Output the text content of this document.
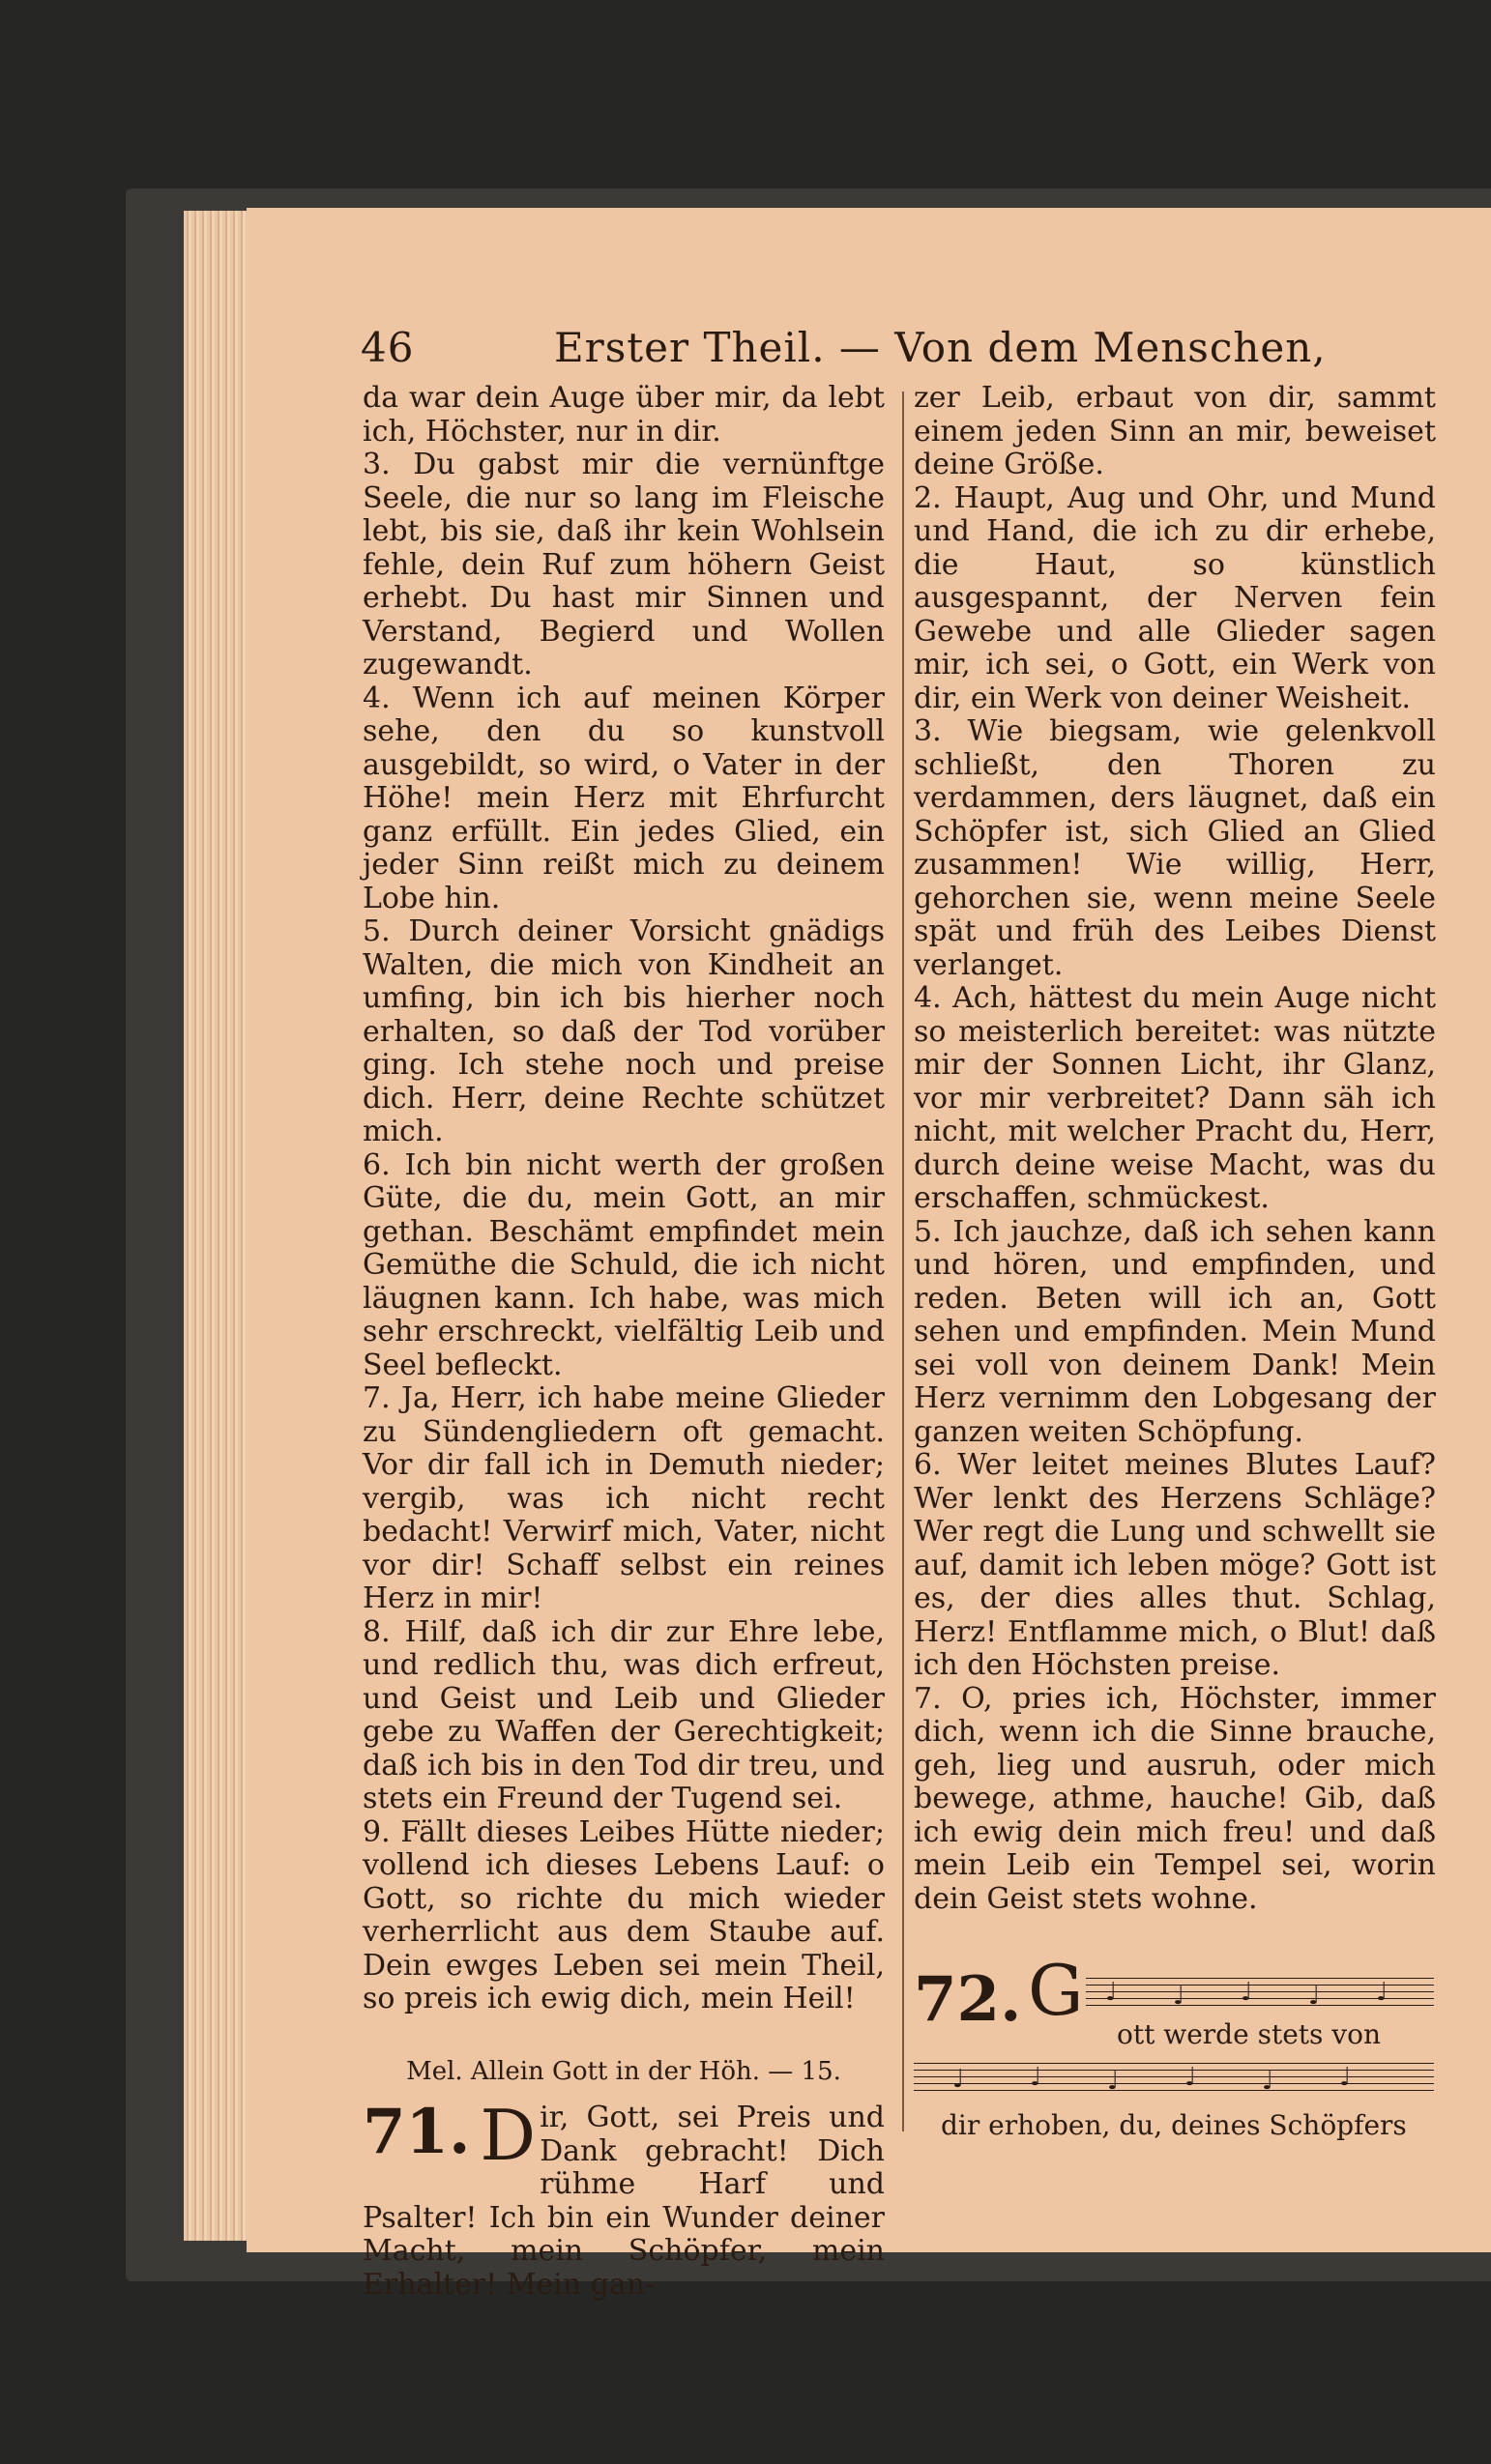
46	Erster Theil. — Von dem Menschen,

da war dein Auge über mir, da lebt ich, Höchster, nur in dir.

3. Du gabst mir die vernünftge Seele, die nur so lang im Fleische lebt, bis sie, daß ihr kein Wohlsein fehle, dein Ruf zum höhern Geist erhebt. Du hast mir Sinnen und Verstand, Begierd und Wollen zugewandt.

4. Wenn ich auf meinen Körper sehe, den du so kunstvoll ausgebildt, so wird, o Vater in der Höhe! mein Herz mit Ehrfurcht ganz erfüllt. Ein jedes Glied, ein jeder Sinn reißt mich zu deinem Lobe hin.

5. Durch deiner Vorsicht gnädigs Walten, die mich von Kindheit an umfing, bin ich bis hierher noch erhalten, so daß der Tod vorüber ging. Ich stehe noch und preise dich. Herr, deine Rechte schützet mich.

6. Ich bin nicht werth der großen Güte, die du, mein Gott, an mir gethan. Beschämt empfindet mein Gemüthe die Schuld, die ich nicht läugnen kann. Ich habe, was mich sehr erschreckt, vielfältig Leib und Seel befleckt.

7. Ja, Herr, ich habe meine Glieder zu Sündengliedern oft gemacht. Vor dir fall ich in Demuth nieder; vergib, was ich nicht recht bedacht! Verwirf mich, Vater, nicht vor dir! Schaff selbst ein reines Herz in mir!

8. Hilf, daß ich dir zur Ehre lebe, und redlich thu, was dich erfreut, und Geist und Leib und Glieder gebe zu Waffen der Gerechtigkeit; daß ich bis in den Tod dir treu, und stets ein Freund der Tugend sei.

9. Fällt dieses Leibes Hütte nieder; vollend ich dieses Lebens Lauf: o Gott, so richte du mich wieder verherrlicht aus dem Staube auf. Dein ewges Leben sei mein Theil, so preis ich ewig dich, mein Heil!

Mel. Allein Gott in der Höh. — 15.
71. D ir, Gott, sei Preis und Dank gebracht! Dich rühme Harf und Psalter! Ich bin ein Wunder deiner Macht, mein Schöpfer, mein Erhalter! Mein gan-

zer Leib, erbaut von dir, sammt einem jeden Sinn an mir, beweiset deine Größe.

2. Haupt, Aug und Ohr, und Mund und Hand, die ich zu dir erhebe, die Haut, so künstlich ausgespannt, der Nerven fein Gewebe und alle Glieder sagen mir, ich sei, o Gott, ein Werk von dir, ein Werk von deiner Weisheit.

3. Wie biegsam, wie gelenkvoll schließt, den Thoren zu verdammen, ders läugnet, daß ein Schöpfer ist, sich Glied an Glied zusammen! Wie willig, Herr, gehorchen sie, wenn meine Seele spät und früh des Leibes Dienst verlanget.

4. Ach, hättest du mein Auge nicht so meisterlich bereitet: was nützte mir der Sonnen Licht, ihr Glanz, vor mir verbreitet? Dann säh ich nicht, mit welcher Pracht du, Herr, durch deine weise Macht, was du erschaffen, schmückest.

5. Ich jauchze, daß ich sehen kann und hören, und empfinden, und reden. Beten will ich an, Gott sehen und empfinden. Mein Mund sei voll von deinem Dank! Mein Herz vernimm den Lobgesang der ganzen weiten Schöpfung.

6. Wer leitet meines Blutes Lauf? Wer lenkt des Herzens Schläge? Wer regt die Lung und schwellt sie auf, damit ich leben möge? Gott ist es, der dies alles thut. Schlag, Herz! Entflamme mich, o Blut! daß ich den Höchsten preise.

7. O, pries ich, Höchster, immer dich, wenn ich die Sinne brauche, geh, lieg und ausruh, oder mich bewege, athme, hauche! Gib, daß ich ewig dein mich freu! und daß mein Leib ein Tempel sei, worin dein Geist stets wohne.

72. G ♩ ♩ ♩ ♩ ♩
ott werde stets von
♩	♩	♩	♩	♩	♩
dir erhoben, du, deines Schöpfers
